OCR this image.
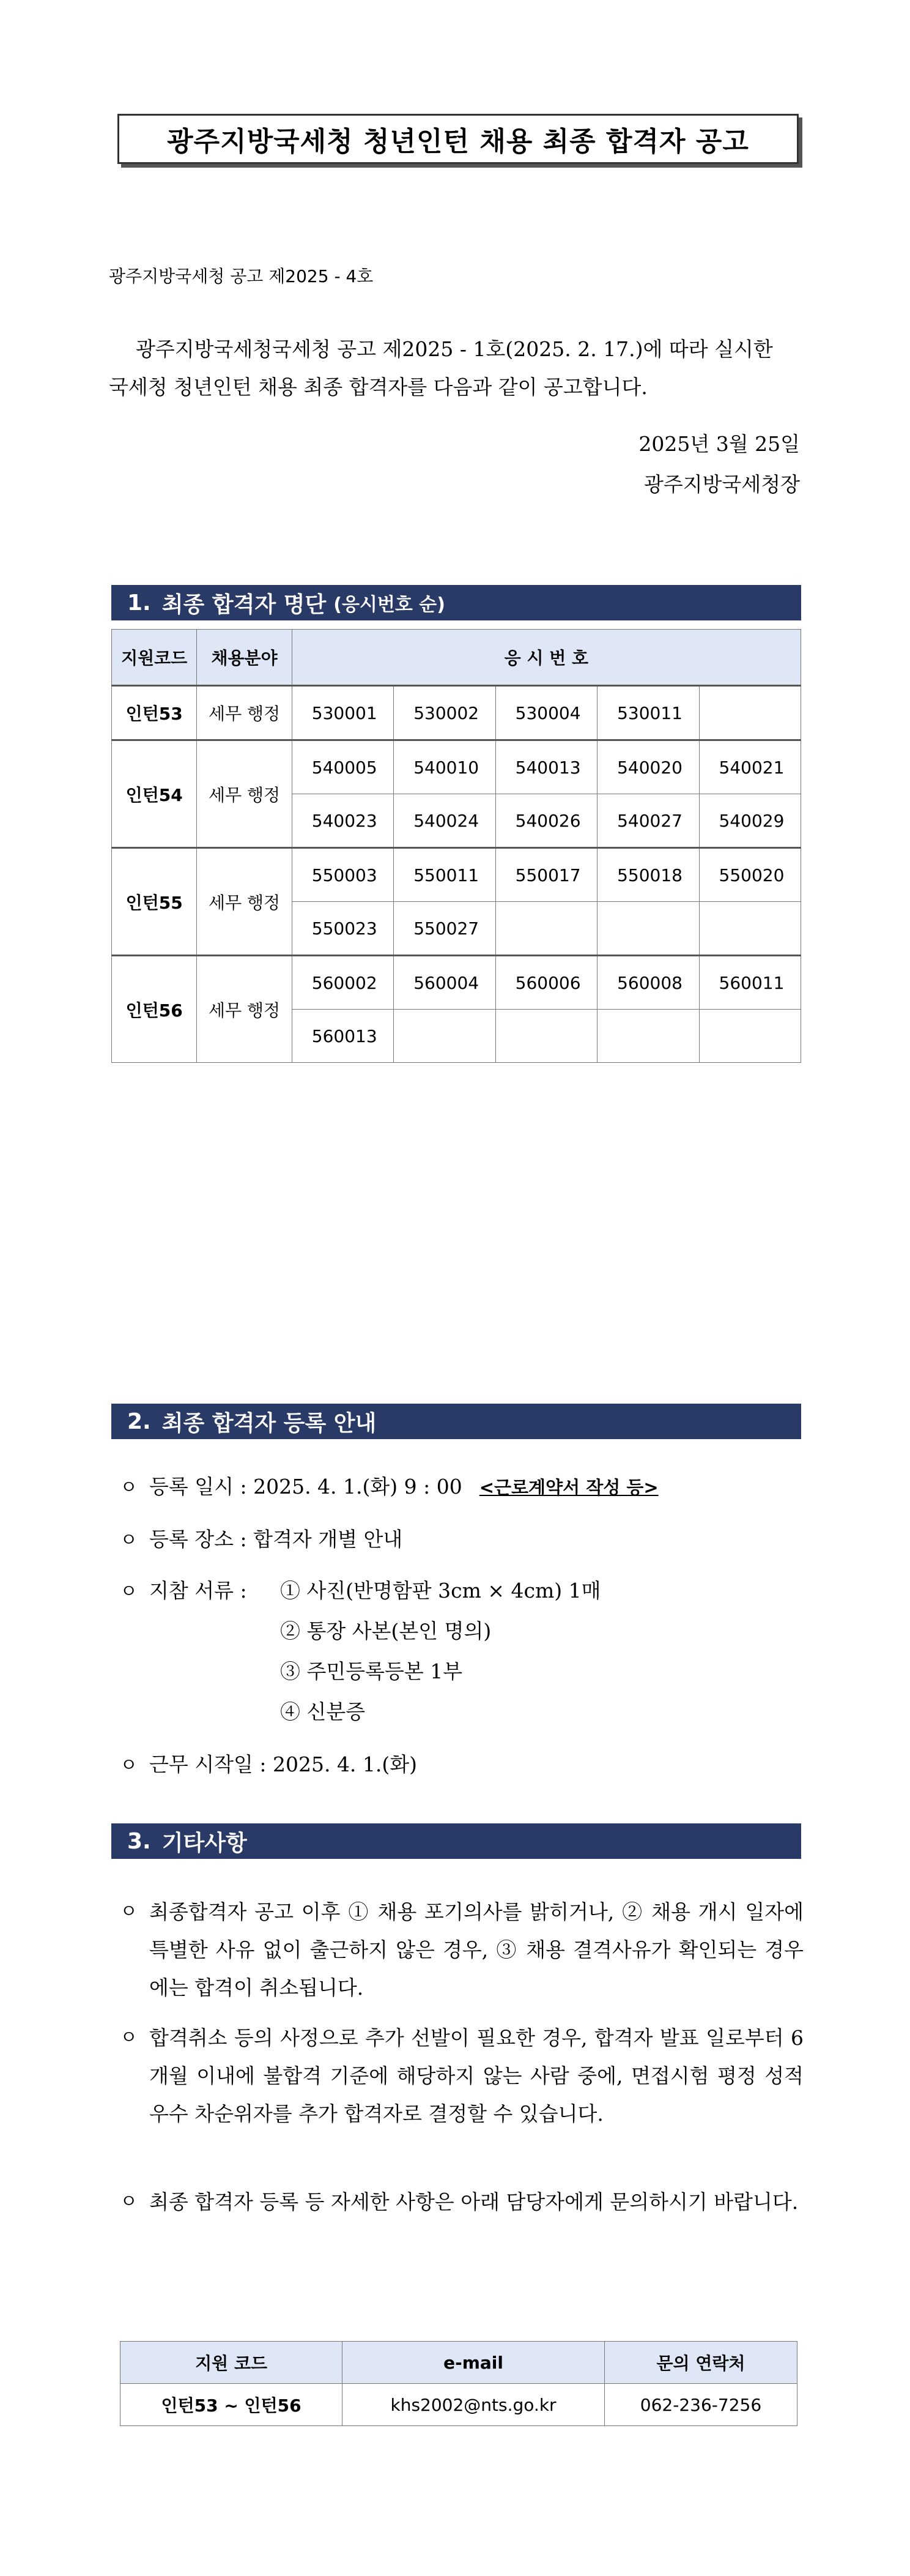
광주지방국세청 청년인턴 채용 최종 합격자 공고
광주지방국세청 공고 제2025 - 4호
광주지방국세청국세청 공고 제2025 - 1호(2025. 2. 17.)에 따라 실시한
국세청 청년인턴 채용 최종 합격자를 다음과 같이 공고합니다.
2025년 3월 25일
광주지방국세청장
1. 최종 합격자 명단 (응시번호 순)
지원코드	채용분야	응 시 번 호				
인턴53	세무 행정	530001	530002	530004	530011	
인턴54	세무 행정	540005	540010	540013	540020	540021
		540023	540024	540026	540027	540029
인턴55	세무 행정	550003	550011	550017	550018	550020
		550023	550027			
인턴56	세무 행정	560002	560004	560006	560008	560011
		560013				
2. 최종 합격자 등록 안내
ㅇ 등록 일시 : 2025. 4. 1.(화) 9 : 00 <근로계약서 작성 등>
ㅇ 등록 장소 : 합격자 개별 안내
ㅇ 지참 서류 : ① 사진(반명함판 3cm × 4cm) 1매
② 통장 사본(본인 명의)
③ 주민등록등본 1부
④ 신분증
ㅇ 근무 시작일 : 2025. 4. 1.(화)
3. 기타사항
ㅇ 최종합격자 공고 이후 ① 채용 포기의사를 밝히거나, ② 채용 개시 일자에 특별한 사유 없이 출근하지 않은 경우, ③ 채용 결격사유가 확인되는 경우에는 합격이 취소됩니다.
ㅇ 합격취소 등의 사정으로 추가 선발이 필요한 경우, 합격자 발표 일로부터 6개월 이내에 불합격 기준에 해당하지 않는 사람 중에, 면접시험 평정 성적 우수 차순위자를 추가 합격자로 결정할 수 있습니다.
ㅇ 최종 합격자 등록 등 자세한 사항은 아래 담당자에게 문의하시기 바랍니다.
지원 코드	e-mail	문의 연락처
인턴53 ~ 인턴56	khs2002@nts.go.kr	062-236-7256
